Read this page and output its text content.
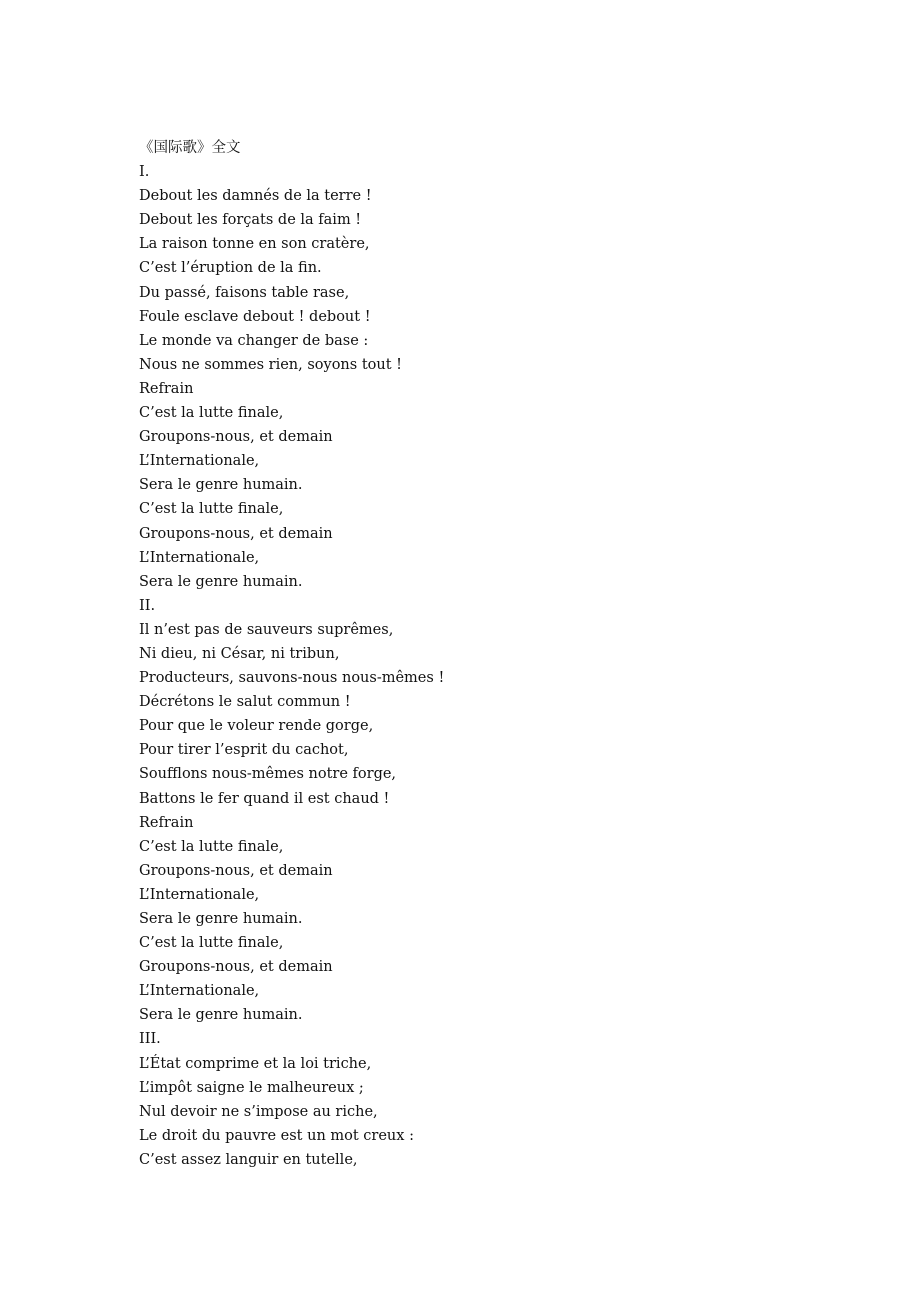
《国际歌》全文
I.
Debout les damnés de la terre !
Debout les forçats de la faim !
La raison tonne en son cratère,
C’est l’éruption de la fin.
Du passé, faisons table rase,
Foule esclave debout ! debout !
Le monde va changer de base :
Nous ne sommes rien, soyons tout !
Refrain
C’est la lutte finale,
Groupons-nous, et demain
L’Internationale,
Sera le genre humain.
C’est la lutte finale,
Groupons-nous, et demain
L’Internationale,
Sera le genre humain.
II.
Il n’est pas de sauveurs suprêmes,
Ni dieu, ni César, ni tribun,
Producteurs, sauvons-nous nous-mêmes !
Décrétons le salut commun !
Pour que le voleur rende gorge,
Pour tirer l’esprit du cachot,
Soufflons nous-mêmes notre forge,
Battons le fer quand il est chaud !
Refrain
C’est la lutte finale,
Groupons-nous, et demain
L’Internationale,
Sera le genre humain.
C’est la lutte finale,
Groupons-nous, et demain
L’Internationale,
Sera le genre humain.
III.
L’État comprime et la loi triche,
L’impôt saigne le malheureux ;
Nul devoir ne s’impose au riche,
Le droit du pauvre est un mot creux :
C’est assez languir en tutelle,
